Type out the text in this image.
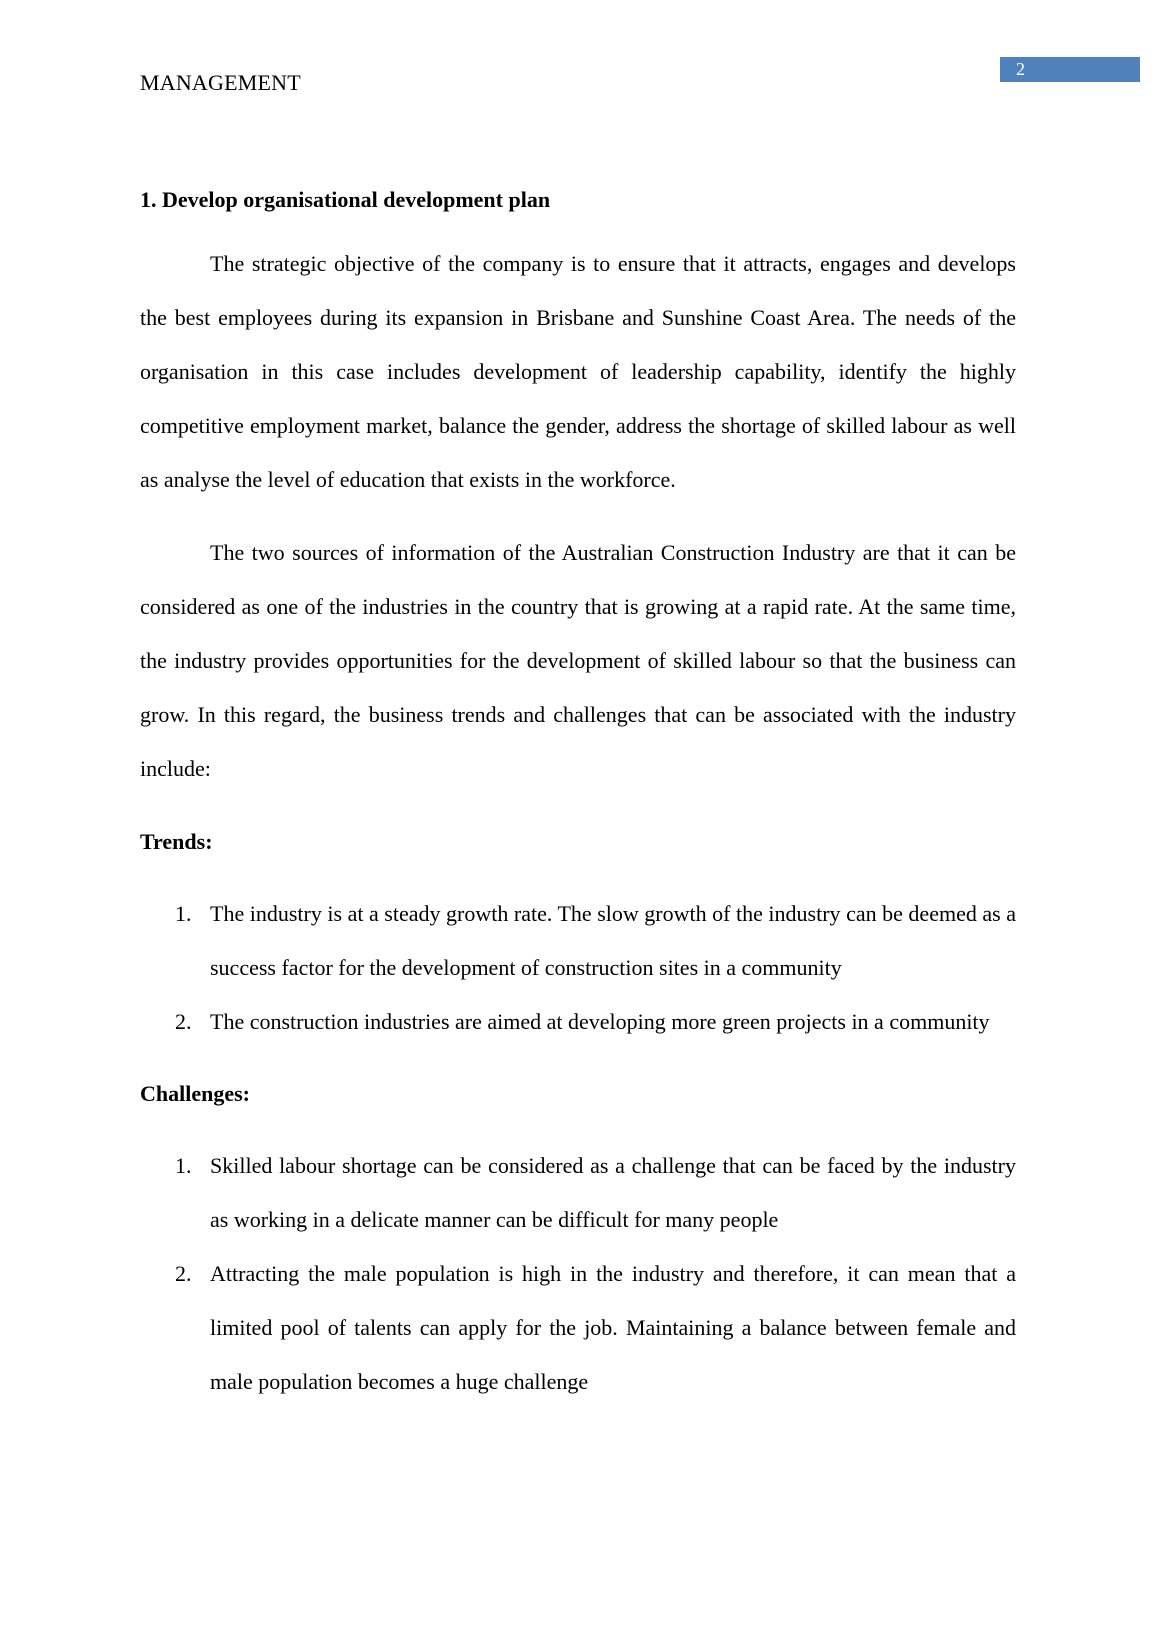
MANAGEMENT
2
1. Develop organisational development plan

The strategic objective of the company is to ensure that it attracts, engages and develops the best employees during its expansion in Brisbane and Sunshine Coast Area. The needs of the organisation in this case includes development of leadership capability, identify the highly competitive employment market, balance the gender, address the shortage of skilled labour as well as analyse the level of education that exists in the workforce.

The two sources of information of the Australian Construction Industry are that it can be considered as one of the industries in the country that is growing at a rapid rate. At the same time, the industry provides opportunities for the development of skilled labour so that the business can grow. In this regard, the business trends and challenges that can be associated with the industry include:

Trends:
1. The industry is at a steady growth rate. The slow growth of the industry can be deemed as a success factor for the development of construction sites in a community
2. The construction industries are aimed at developing more green projects in a community
Challenges:
1. Skilled labour shortage can be considered as a challenge that can be faced by the industry as working in a delicate manner can be difficult for many people
2. Attracting the male population is high in the industry and therefore, it can mean that a limited pool of talents can apply for the job. Maintaining a balance between female and male population becomes a huge challenge
